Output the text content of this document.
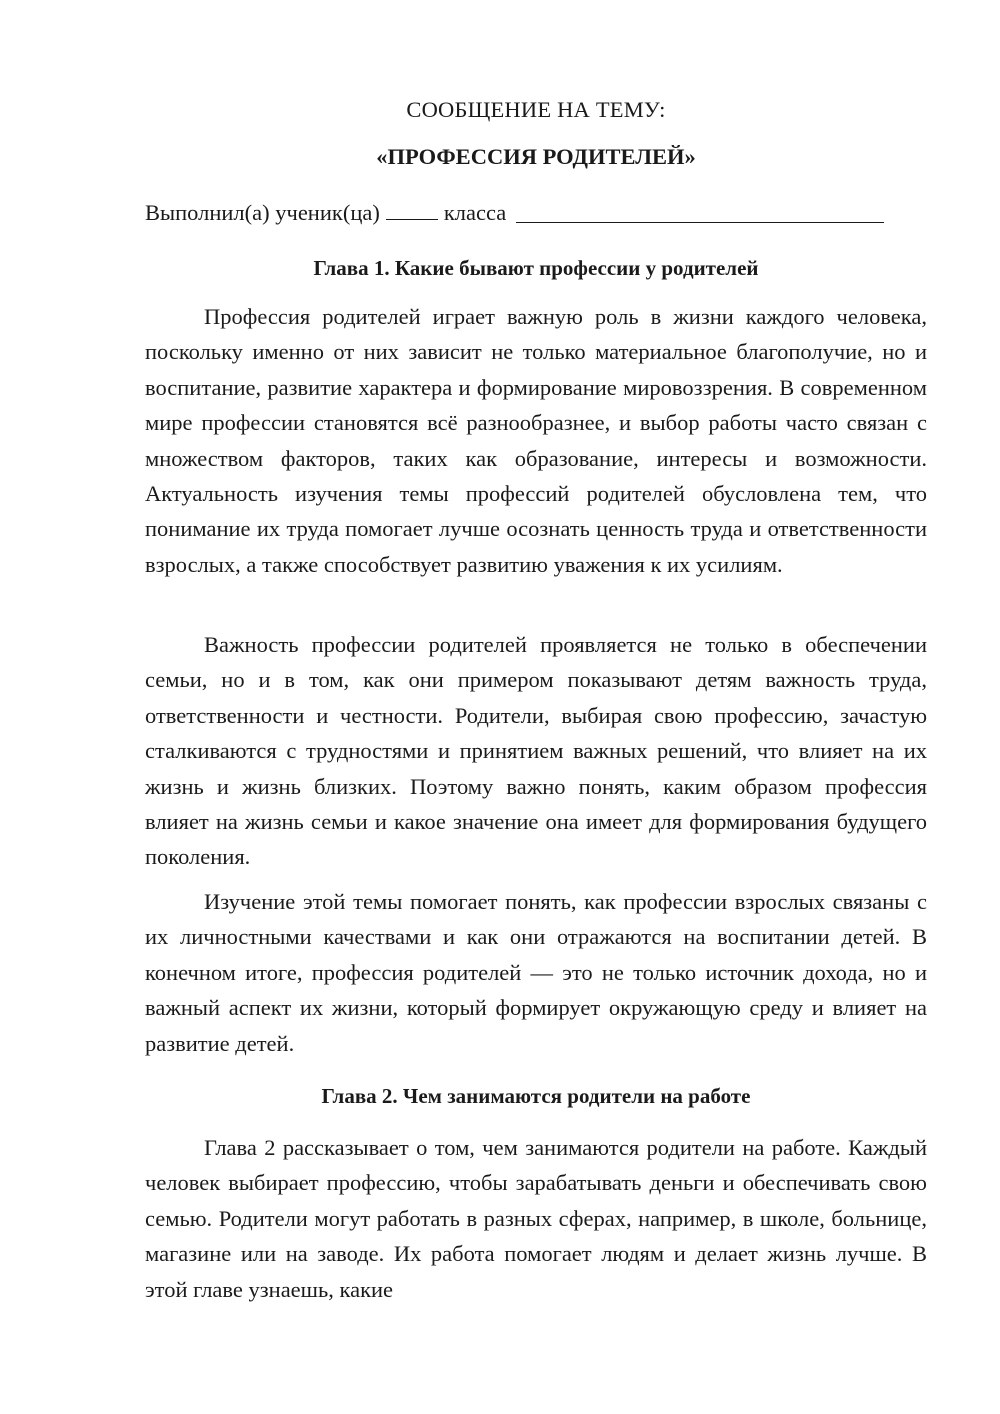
СООБЩЕНИЕ НА ТЕМУ:

«ПРОФЕССИЯ РОДИТЕЛЕЙ»

Выполнил(а) ученик(ца)	класса
Глава 1. Какие бывают профессии у родителей

Профессия родителей играет важную роль в жизни каждого человека, поскольку именно от них зависит не только материальное благополучие, но и воспитание, развитие характера и формирование мировоззрения. В современном мире профессии становятся всё разнообразнее, и выбор работы часто связан с множеством факторов, таких как образование, интересы и возможности. Актуальность изучения темы профессий родителей обусловлена тем, что понимание их труда помогает лучше осознать ценность труда и ответственности взрослых, а также способствует развитию уважения к их усилиям.

Важность профессии родителей проявляется не только в обеспечении семьи, но и в том, как они примером показывают детям важность труда, ответственности и честности. Родители, выбирая свою профессию, зачастую сталкиваются с трудностями и принятием важных решений, что влияет на их жизнь и жизнь близких. Поэтому важно понять, каким образом профессия влияет на жизнь семьи и какое значение она имеет для формирования будущего поколения.

Изучение этой темы помогает понять, как профессии взрослых связаны с их личностными качествами и как они отражаются на воспитании детей. В конечном итоге, профессия родителей — это не только источник дохода, но и важный аспект их жизни, который формирует окружающую среду и влияет на развитие детей.

Глава 2. Чем занимаются родители на работе

Глава 2 рассказывает о том, чем занимаются родители на работе. Каждый человек выбирает профессию, чтобы зарабатывать деньги и обеспечивать свою семью. Родители могут работать в разных сферах, например, в школе, больнице, магазине или на заводе. Их работа помогает людям и делает жизнь лучше. В этой главе узнаешь, какие
